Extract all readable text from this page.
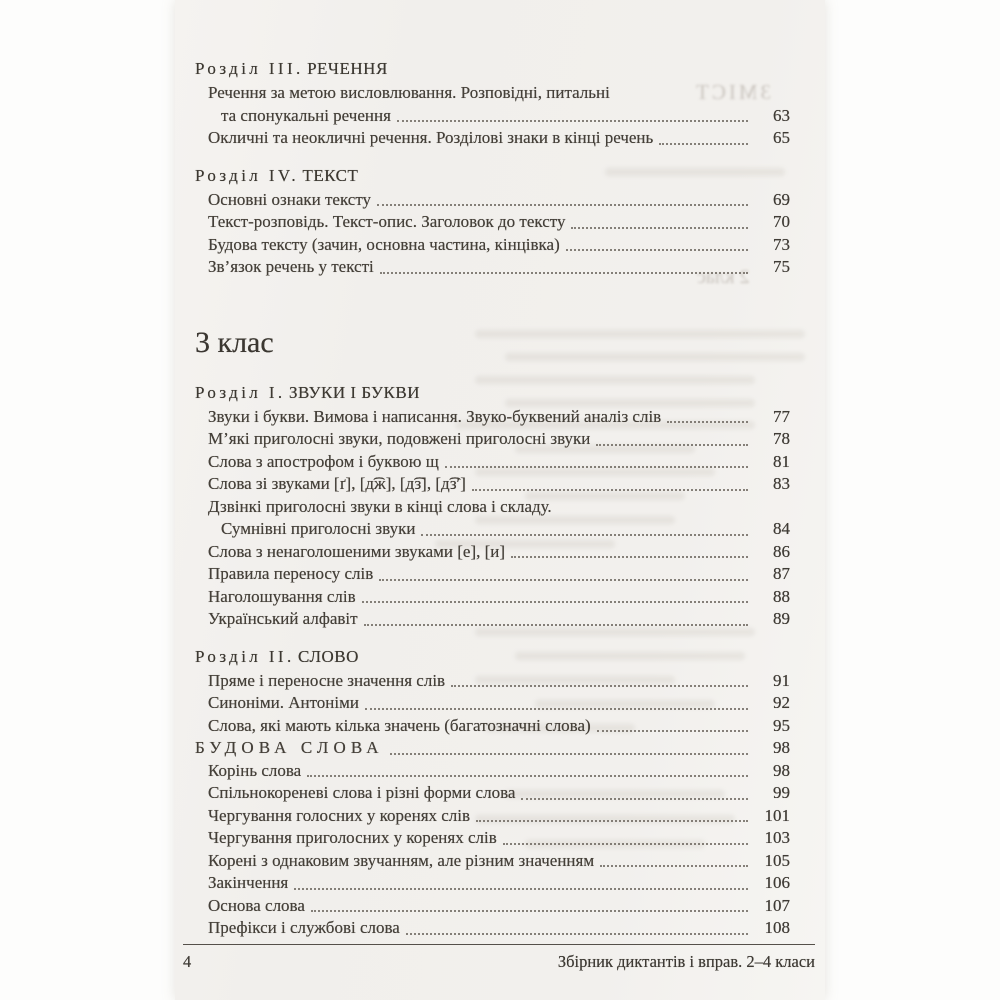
ЗМІСТ
2 клас
Розділ III. РЕЧЕННЯ
Речення за метою висловлювання. Розповідні, питальні
та спонукальні речення	63
Окличні та неокличні речення. Розділові знаки в кінці речень	65
Розділ IV. ТЕКСТ
Основні ознаки тексту	69
Текст-розповідь. Текст-опис. Заголовок до тексту	70
Будова тексту (зачин, основна частина, кінцівка)	73
Зв’язок речень у тексті	75
3 клас
Розділ I. ЗВУКИ І БУКВИ
Звуки і букви. Вимова і написання. Звуко-буквений аналіз слів	77
М’які приголосні звуки, подовжені приголосні звуки	78
Слова з апострофом і буквою щ	81
Слова зі звуками [ґ], [д͡ж], [д͡з], [д͡з′]	83
Дзвінкі приголосні звуки в кінці слова і складу.
Сумнівні приголосні звуки	84
Слова з ненаголошеними звуками [е], [и]	86
Правила переносу слів	87
Наголошування слів	88
Український алфавіт	89
Розділ II. СЛОВО
Пряме і переносне значення слів	91
Синоніми. Антоніми	92
Слова, які мають кілька значень (багатозначні слова)	95
БУДОВА СЛОВА	98
Корінь слова	98
Спільнокореневі слова і різні форми слова	99
Чергування голосних у коренях слів	101
Чергування приголосних у коренях слів	103
Корені з однаковим звучанням, але різним значенням	105
Закінчення	106
Основа слова	107
Префікси і службові слова	108
4	Збірник диктантів і вправ. 2–4 класи
